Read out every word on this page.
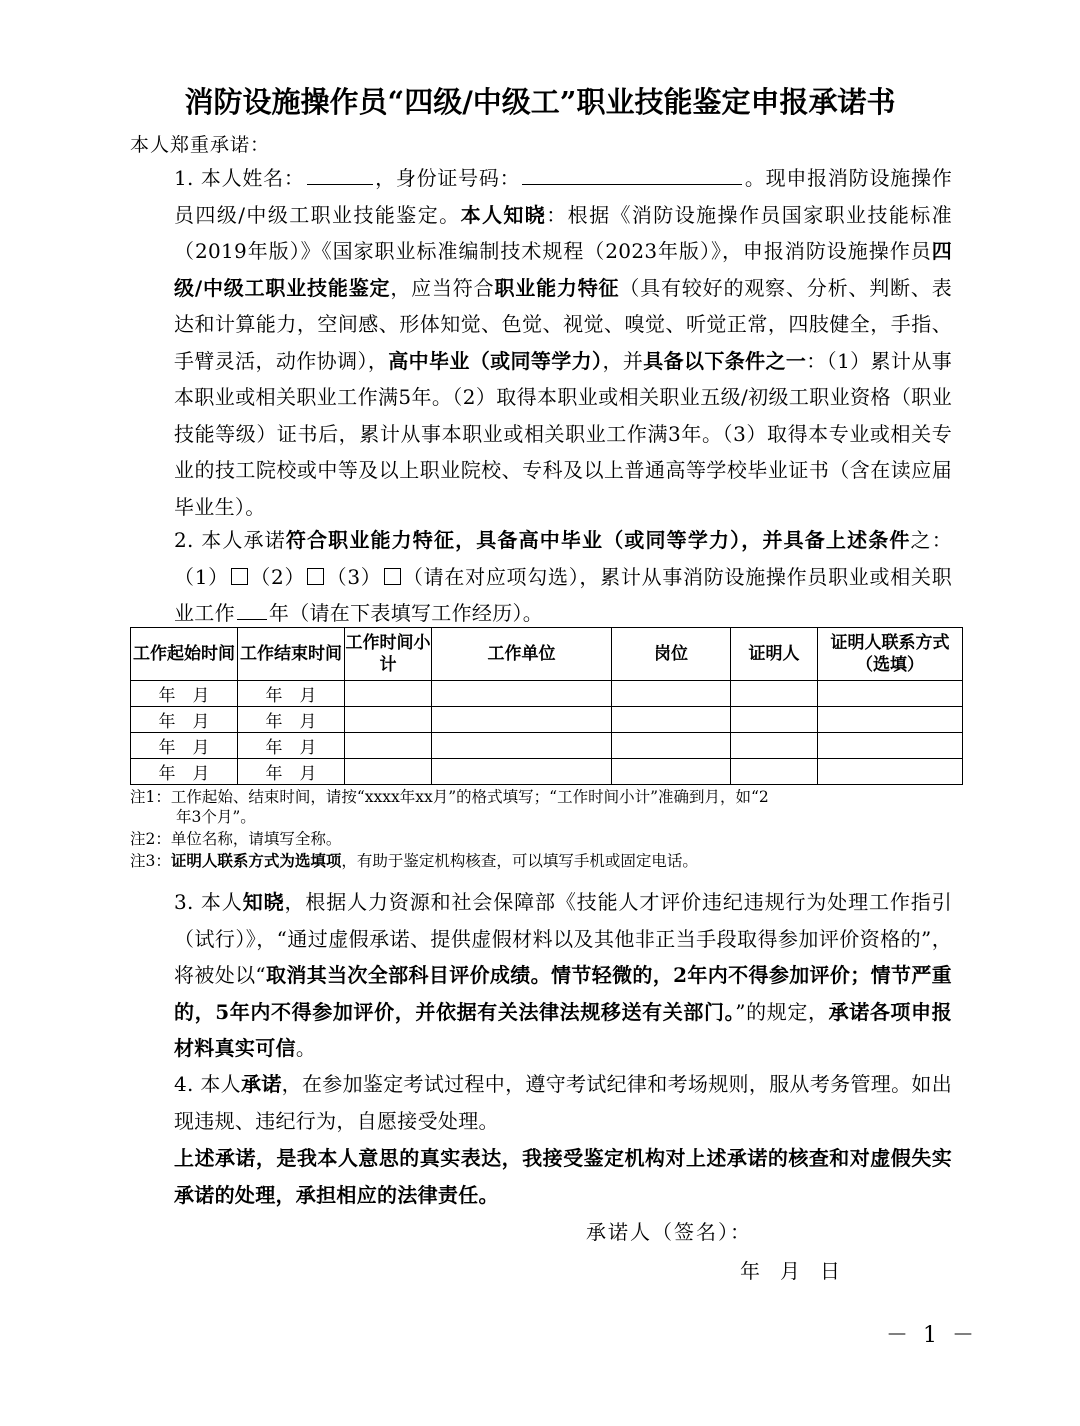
消防设施操作员“四级/中级工”职业技能鉴定申报承诺书
本人郑重承诺：
1. 本人姓名：	，身份证号码：	。现申报消防设施操作员四级/中级工职业技能鉴定。本人知晓：根据《消防设施操作员国家职业技能标准（2019年版）》《国家职业标准编制技术规程（2023年版）》，申报消防设施操作员四级/中级工职业技能鉴定，应当符合职业能力特征（具有较好的观察、分析、判断、表达和计算能力，空间感、形体知觉、色觉、视觉、嗅觉、听觉正常，四肢健全，手指、手臂灵活，动作协调），高中毕业（或同等学力），并具备以下条件之一：（1）累计从事本职业或相关职业工作满5年。（2）取得本职业或相关职业五级/初级工职业资格（职业技能等级）证书后，累计从事本职业或相关职业工作满3年。（3）取得本专业或相关专业的技工院校或中等及以上职业院校、专科及以上普通高等学校毕业证书（含在读应届毕业生）。
2. 本人承诺符合职业能力特征，具备高中毕业（或同等学力），并具备上述条件之：（1） （2） （3） （请在对应项勾选），累计从事消防设施操作员职业或相关职业工作 年（请在下表填写工作经历）。
工作起始时间	工作结束时间	工作时间小计	工作单位	岗位	证明人	证明人联系方式（选填）
年　月	年　月					
年　月	年　月					
年　月	年　月					
年　月	年　月					
注1：工作起始、结束时间，请按“xxxx年xx月”的格式填写；“工作时间小计”准确到月，如“2
年3个月”。
注2：单位名称，请填写全称。
注3：证明人联系方式为选填项，有助于鉴定机构核查，可以填写手机或固定电话。
3. 本人知晓，根据人力资源和社会保障部《技能人才评价违纪违规行为处理工作指引（试行）》，“通过虚假承诺、提供虚假材料以及其他非正当手段取得参加评价资格的”，将被处以“取消其当次全部科目评价成绩。情节轻微的，2年内不得参加评价；情节严重的，5年内不得参加评价，并依据有关法律法规移送有关部门。”的规定，承诺各项申报材料真实可信。
4. 本人承诺，在参加鉴定考试过程中，遵守考试纪律和考场规则，服从考务管理。如出现违规、违纪行为，自愿接受处理。
上述承诺，是我本人意思的真实表达，我接受鉴定机构对上述承诺的核查和对虚假失实承诺的处理，承担相应的法律责任。
承诺人（签名）：
年　月　日
－ 1 －
